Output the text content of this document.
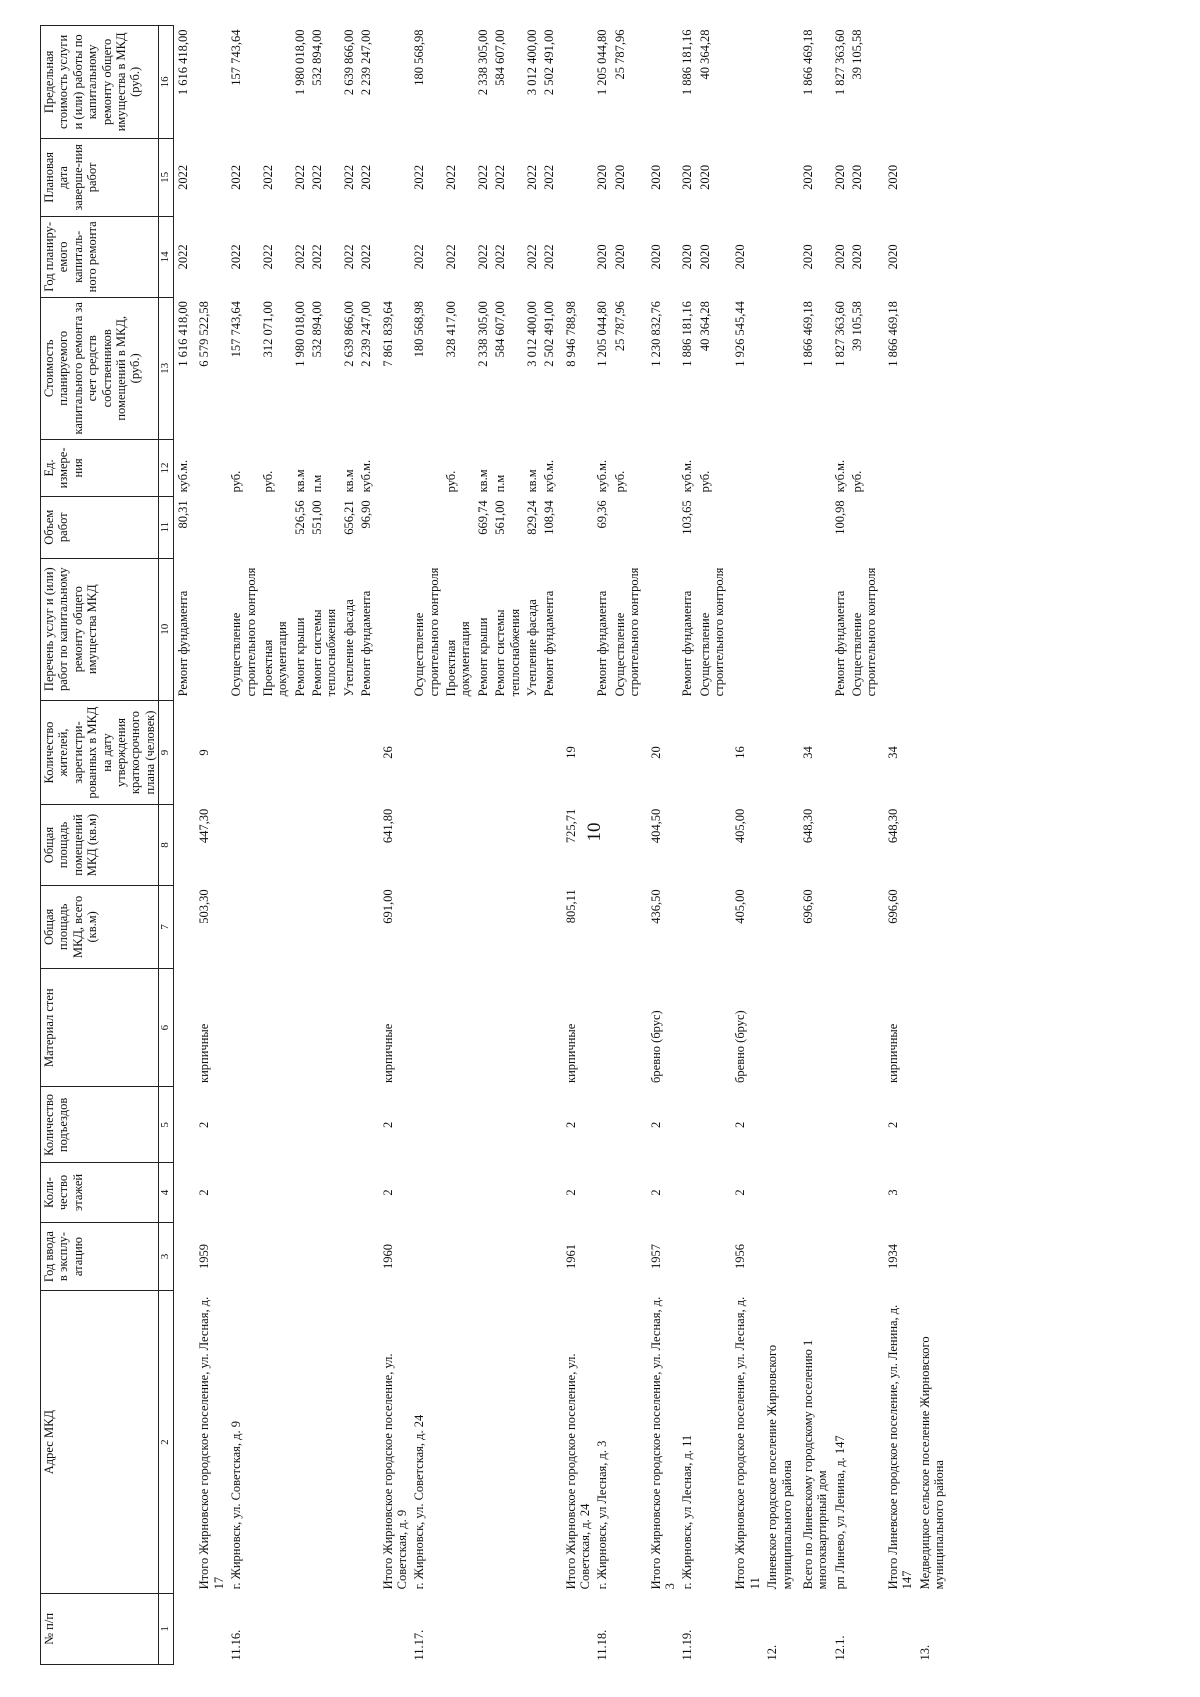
10
№ п/п	Адрес МКД	Год ввода в эксплу-атацию	Коли-чество этажей	Количество подъездов	Материал стен	Общая площадь МКД, всего (кв.м)	Общая площадь помещений МКД (кв.м)	Количество жителей, зарегистри-рованных в МКД на дату утверждения краткосрочного плана (человек)	Перечень услуг и (или) работ по капитальному ремонту общего имущества МКД	Объем работ	Ед. измере-ния	Стоимость планируемого капитального ремонта за счет средств собственников помещений в МКД, (руб.)	Год планиру-емого капиталь-ного ремонта	Плановая дата заверше-ния работ	Предельная стоимость услуги и (или) работы по капитальному ремонту общего имущества в МКД (руб.)
1	2	3	4	5	6	7	8	9	10	11	12	13	14	15	16
									Ремонт фундамента	80,31	куб.м.	1 616 418,00	2022	2022	1 616 418,00
	Итого Жирновское городское поселение, ул. Лесная, д. 17	1959	2	2	кирпичные	503,30	447,30	9				6 579 522,58			
11.16.	г. Жирновск, ул. Советская, д. 9								Осуществление строительного контроля		руб.	157 743,64	2022	2022	157 743,64
									Проектная документация		руб.	312 071,00	2022	2022	
									Ремонт крыши	526,56	кв.м	1 980 018,00	2022	2022	1 980 018,00
									Ремонт системы теплоснабжения	551,00	п.м	532 894,00	2022	2022	532 894,00
									Утепление фасада	656,21	кв.м	2 639 866,00	2022	2022	2 639 866,00
									Ремонт фундамента	96,90	куб.м.	2 239 247,00	2022	2022	2 239 247,00
	Итого Жирновское городское поселение, ул. Советская, д. 9	1960	2	2	кирпичные	691,00	641,80	26				7 861 839,64			
11.17.	г. Жирновск, ул. Советская, д. 24								Осуществление строительного контроля			180 568,98	2022	2022	180 568,98
									Проектная документация		руб.	328 417,00	2022	2022	
									Ремонт крыши	669,74	кв.м	2 338 305,00	2022	2022	2 338 305,00
									Ремонт системы теплоснабжения	561,00	п.м	584 607,00	2022	2022	584 607,00
									Утепление фасада	829,24	кв.м	3 012 400,00	2022	2022	3 012 400,00
									Ремонт фундамента	108,94	куб.м.	2 502 491,00	2022	2022	2 502 491,00
	Итого Жирновское городское поселение, ул. Советская, д. 24	1961	2	2	кирпичные	805,11	725,71	19				8 946 788,98			
11.18.	г. Жирновск, ул Лесная, д. 3								Ремонт фундамента	69,36	куб.м.	1 205 044,80	2020	2020	1 205 044,80
									Осуществление строительного контроля		руб.	25 787,96	2020	2020	25 787,96
	Итого Жирновское городское поселение, ул. Лесная, д. 3	1957	2	2	бревно (брус)	436,50	404,50	20				1 230 832,76	2020	2020	
11.19.	г. Жирновск, ул Лесная, д. 11								Ремонт фундамента	103,65	куб.м.	1 886 181,16	2020	2020	1 886 181,16
									Осуществление строительного контроля		руб.	40 364,28	2020	2020	40 364,28
	Итого Жирновское городское поселение, ул. Лесная, д. 11	1956	2	2	бревно (брус)	405,00	405,00	16				1 926 545,44	2020		
12.	Линевское городское поселение Жирновского муниципального района														
	Всего по Линевскому городскому поселению 1 многоквартирный дом					696,60	648,30	34				1 866 469,18	2020	2020	1 866 469,18
12.1.	рп Линево, ул Ленина, д. 147								Ремонт фундамента	100,98	куб.м.	1 827 363,60	2020	2020	1 827 363,60
									Осуществление строительного контроля		руб.	39 105,58	2020	2020	39 105,58
	Итого Линевское городское поселение, ул. Ленина, д. 147	1934	3	2	кирпичные	696,60	648,30	34				1 866 469,18	2020	2020	
13.	Медведицкое сельское поселение Жирновского муниципального района														
